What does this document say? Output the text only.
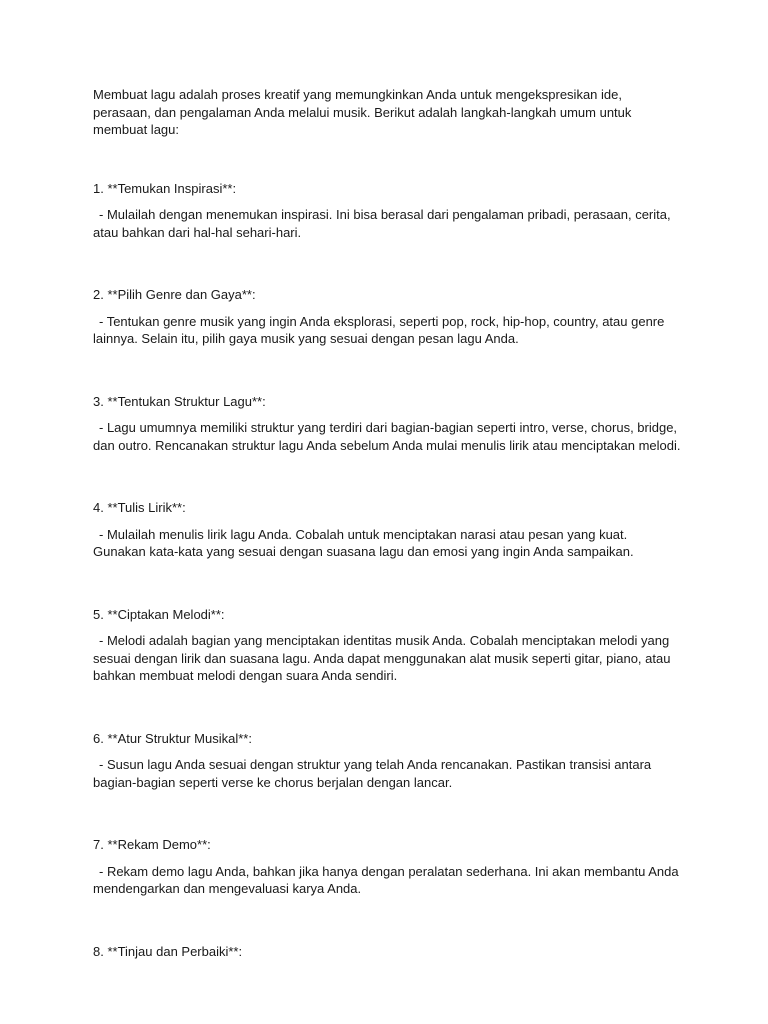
Membuat lagu adalah proses kreatif yang memungkinkan Anda untuk mengekspresikan ide, perasaan, dan pengalaman Anda melalui musik. Berikut adalah langkah-langkah umum untuk membuat lagu:

1. **Temukan Inspirasi**:

- Mulailah dengan menemukan inspirasi. Ini bisa berasal dari pengalaman pribadi, perasaan, cerita, atau bahkan dari hal-hal sehari-hari.

2. **Pilih Genre dan Gaya**:

- Tentukan genre musik yang ingin Anda eksplorasi, seperti pop, rock, hip-hop, country, atau genre lainnya. Selain itu, pilih gaya musik yang sesuai dengan pesan lagu Anda.

3. **Tentukan Struktur Lagu**:

- Lagu umumnya memiliki struktur yang terdiri dari bagian-bagian seperti intro, verse, chorus, bridge, dan outro. Rencanakan struktur lagu Anda sebelum Anda mulai menulis lirik atau menciptakan melodi.

4. **Tulis Lirik**:

- Mulailah menulis lirik lagu Anda. Cobalah untuk menciptakan narasi atau pesan yang kuat. Gunakan kata-kata yang sesuai dengan suasana lagu dan emosi yang ingin Anda sampaikan.

5. **Ciptakan Melodi**:

- Melodi adalah bagian yang menciptakan identitas musik Anda. Cobalah menciptakan melodi yang sesuai dengan lirik dan suasana lagu. Anda dapat menggunakan alat musik seperti gitar, piano, atau bahkan membuat melodi dengan suara Anda sendiri.

6. **Atur Struktur Musikal**:

- Susun lagu Anda sesuai dengan struktur yang telah Anda rencanakan. Pastikan transisi antara bagian-bagian seperti verse ke chorus berjalan dengan lancar.

7. **Rekam Demo**:

- Rekam demo lagu Anda, bahkan jika hanya dengan peralatan sederhana. Ini akan membantu Anda mendengarkan dan mengevaluasi karya Anda.

8. **Tinjau dan Perbaiki**:
